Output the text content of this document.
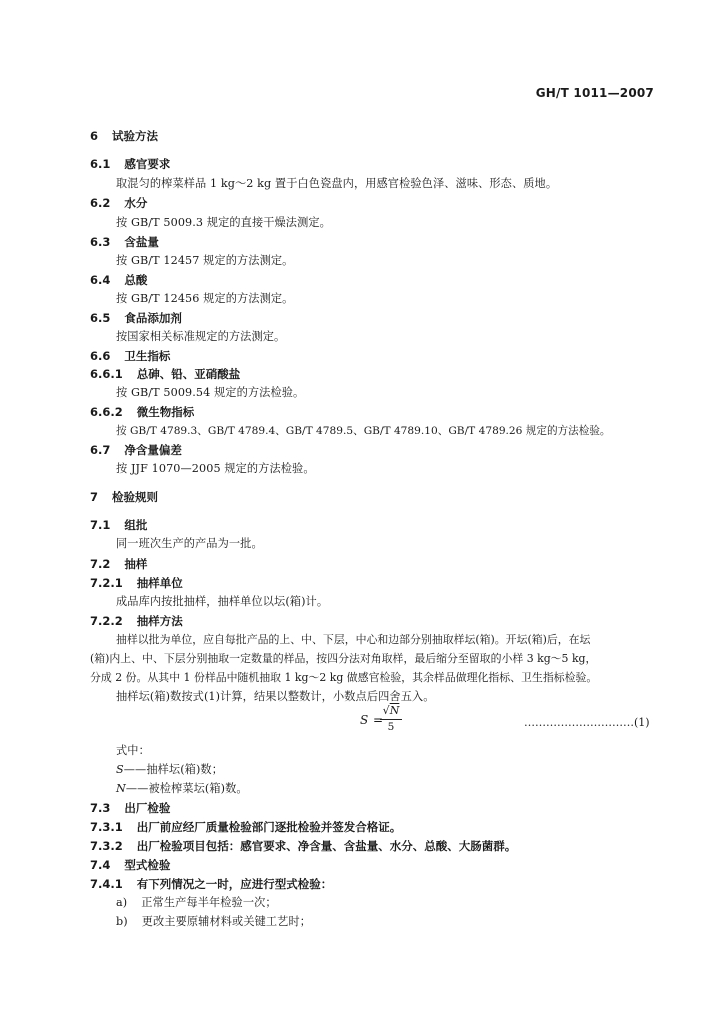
GH/T 1011—2007
6 试验方法
6.1 感官要求
取混匀的榨菜样品 1 kg～2 kg 置于白色瓷盘内，用感官检验色泽、滋味、形态、质地。
6.2 水分
按 GB/T 5009.3 规定的直接干燥法测定。
6.3 含盐量
按 GB/T 12457 规定的方法测定。
6.4 总酸
按 GB/T 12456 规定的方法测定。
6.5 食品添加剂
按国家相关标准规定的方法测定。
6.6 卫生指标
6.6.1 总砷、铅、亚硝酸盐
按 GB/T 5009.54 规定的方法检验。
6.6.2 微生物指标
按 GB/T 4789.3、GB/T 4789.4、GB/T 4789.5、GB/T 4789.10、GB/T 4789.26 规定的方法检验。
6.7 净含量偏差
按 JJF 1070—2005 规定的方法检验。
7 检验规则
7.1 组批
同一班次生产的产品为一批。
7.2 抽样
7.2.1 抽样单位
成品库内按批抽样，抽样单位以坛(箱)计。
7.2.2 抽样方法
抽样以批为单位，应自每批产品的上、中、下层，中心和边部分别抽取样坛(箱)。开坛(箱)后，在坛
(箱)内上、中、下层分别抽取一定数量的样品，按四分法对角取样，最后缩分至留取的小样 3 kg～5 kg，
分成 2 份。从其中 1 份样品中随机抽取 1 kg～2 kg 做感官检验，其余样品做理化指标、卫生指标检验。
抽样坛(箱)数按式(1)计算，结果以整数计，小数点后四舍五入。
S =
√N
5	…………………………(1)
式中：
S——抽样坛(箱)数；
N——被检榨菜坛(箱)数。
7.3 出厂检验
7.3.1 出厂前应经厂质量检验部门逐批检验并签发合格证。
7.3.2 出厂检验项目包括：感官要求、净含量、含盐量、水分、总酸、大肠菌群。
7.4 型式检验
7.4.1 有下列情况之一时，应进行型式检验：
a) 正常生产每半年检验一次；
b) 更改主要原辅材料或关键工艺时；
